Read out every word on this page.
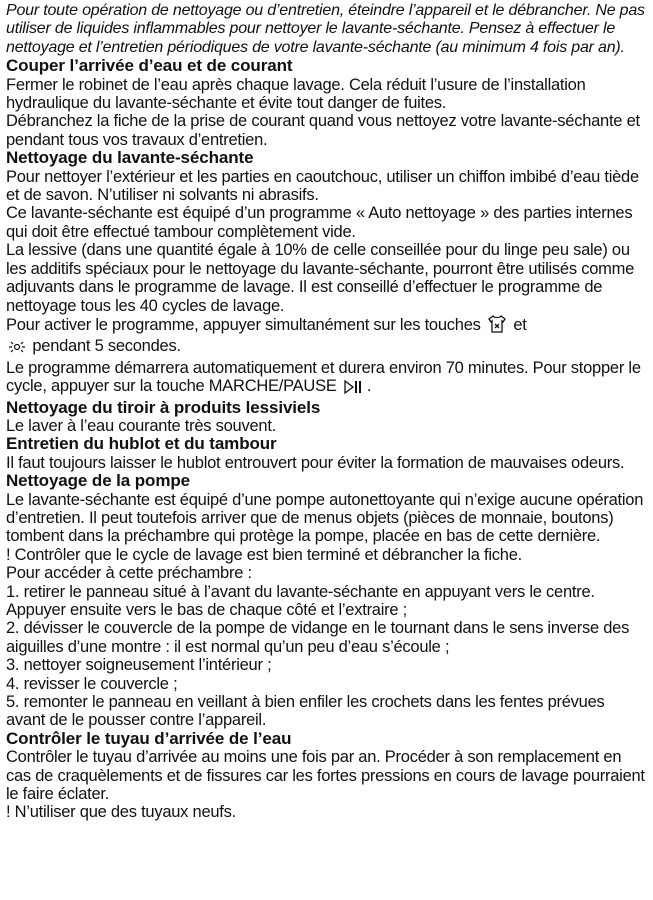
Pour toute opération de nettoyage ou d’entretien, éteindre l’appareil et le débrancher. Ne pas utiliser de liquides inflammables pour nettoyer le lavante-séchante. Pensez à effectuer le nettoyage et l’entretien périodiques de votre lavante-séchante (au minimum 4 fois par an).

Couper l’arrivée d’eau et de courant

Fermer le robinet de l’eau après chaque lavage. Cela réduit l’usure de l’installation hydraulique du lavante-séchante et évite tout danger de fuites.

Débranchez la fiche de la prise de courant quand vous nettoyez votre lavante-séchante et pendant tous vos travaux d’entretien.

Nettoyage du lavante-séchante

Pour nettoyer l’extérieur et les parties en caoutchouc, utiliser un chiffon imbibé d’eau tiède et de savon. N’utiliser ni solvants ni abrasifs.

Ce lavante-séchante est équipé d’un programme « Auto nettoyage » des parties internes qui doit être effectué tambour complètement vide.

La lessive (dans une quantité égale à 10% de celle conseillée pour du linge peu sale) ou les additifs spéciaux pour le nettoyage du lavante-séchante, pourront être utilisés comme adjuvants dans le programme de lavage. Il est conseillé d’effectuer le programme de nettoyage tous les 40 cycles de lavage.

Pour activer le programme, appuyer simultanément sur les touches et
pendant 5 secondes.

Le programme démarrera automatiquement et durera environ 70 minutes. Pour stopper le cycle, appuyer sur la touche MARCHE/PAUSE .

Nettoyage du tiroir à produits lessiviels

Le laver à l’eau courante très souvent.

Entretien du hublot et du tambour

Il faut toujours laisser le hublot entrouvert pour éviter la formation de mauvaises odeurs.

Nettoyage de la pompe

Le lavante-séchante est équipé d’une pompe autonettoyante qui n’exige aucune opération d’entretien. Il peut toutefois arriver que de menus objets (pièces de monnaie, boutons) tombent dans la préchambre qui protège la pompe, placée en bas de cette dernière.

! Contrôler que le cycle de lavage est bien terminé et débrancher la fiche.

Pour accéder à cette préchambre :

1. retirer le panneau situé à l’avant du lavante-séchante en appuyant vers le centre. Appuyer ensuite vers le bas de chaque côté et l’extraire ;

2. dévisser le couvercle de la pompe de vidange en le tournant dans le sens inverse des aiguilles d’une montre : il est normal qu’un peu d’eau s’écoule ;

3. nettoyer soigneusement l’intérieur ;

4. revisser le couvercle ;

5. remonter le panneau en veillant à bien enfiler les crochets dans les fentes prévues avant de le pousser contre l’appareil.

Contrôler le tuyau d’arrivée de l’eau

Contrôler le tuyau d’arrivée au moins une fois par an. Procéder à son remplacement en cas de craquèlements et de fissures car les fortes pressions en cours de lavage pourraient le faire éclater.

! N’utiliser que des tuyaux neufs.
